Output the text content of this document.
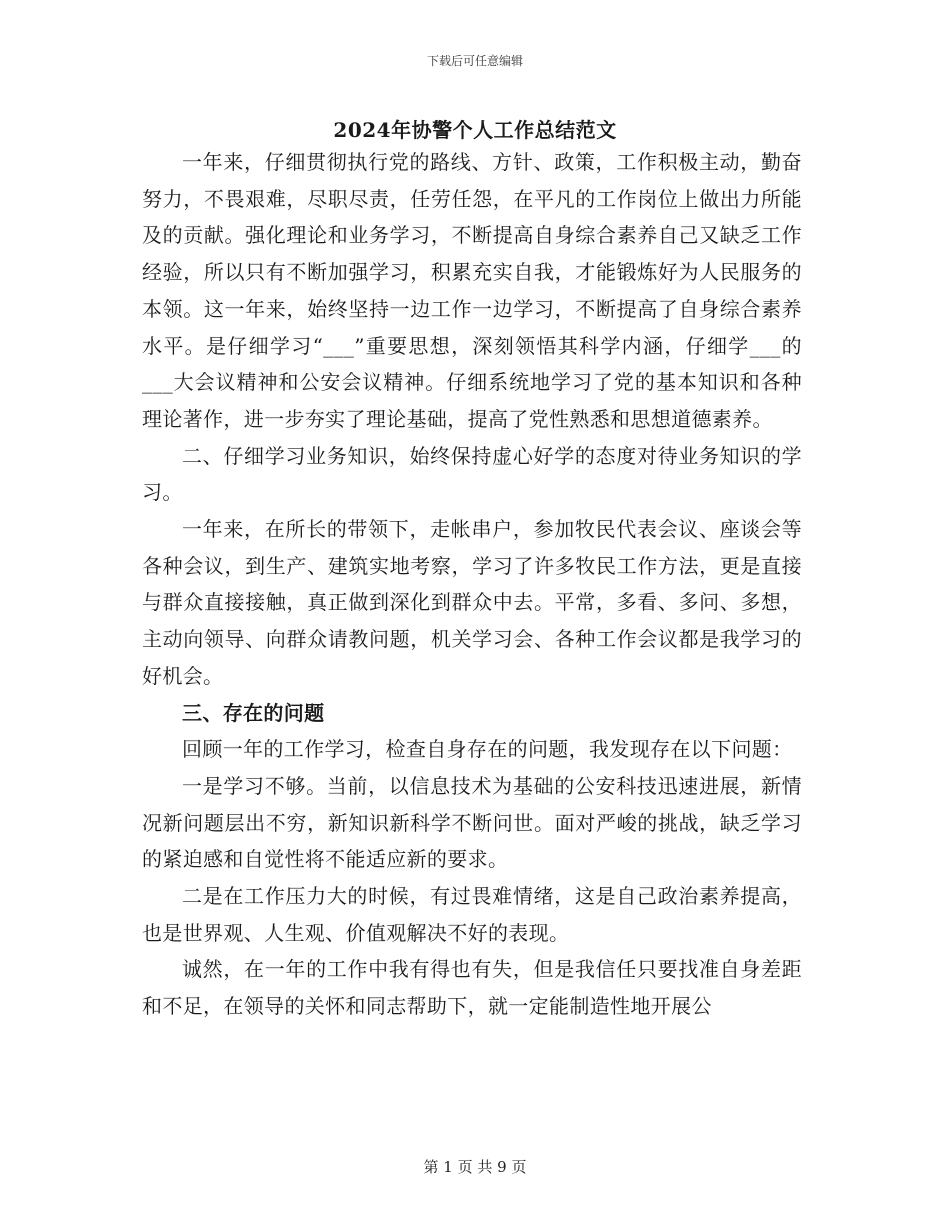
下载后可任意编辑
2024年协警个人工作总结范文

一年来，仔细贯彻执行党的路线、方针、政策，工作积极主动，勤奋努力，不畏艰难，尽职尽责，任劳任怨，在平凡的工作岗位上做出力所能及的贡献。强化理论和业务学习，不断提高自身综合素养自己又缺乏工作经验，所以只有不断加强学习，积累充实自我，才能锻炼好为人民服务的本领。这一年来，始终坚持一边工作一边学习，不断提高了自身综合素养水平。是仔细学习“___”重要思想，深刻领悟其科学内涵，仔细学___的___大会议精神和公安会议精神。仔细系统地学习了党的基本知识和各种理论著作，进一步夯实了理论基础，提高了党性熟悉和思想道德素养。

二、仔细学习业务知识，始终保持虚心好学的态度对待业务知识的学习。

一年来，在所长的带领下，走帐串户，参加牧民代表会议、座谈会等各种会议，到生产、建筑实地考察，学习了许多牧民工作方法，更是直接与群众直接接触，真正做到深化到群众中去。平常，多看、多问、多想，主动向领导、向群众请教问题，机关学习会、各种工作会议都是我学习的好机会。

三、存在的问题

回顾一年的工作学习，检查自身存在的问题，我发现存在以下问题：

一是学习不够。当前，以信息技术为基础的公安科技迅速进展，新情况新问题层出不穷，新知识新科学不断问世。面对严峻的挑战，缺乏学习的紧迫感和自觉性将不能适应新的要求。

二是在工作压力大的时候，有过畏难情绪，这是自己政治素养提高，也是世界观、人生观、价值观解决不好的表现。

诚然，在一年的工作中我有得也有失，但是我信任只要找准自身差距和不足，在领导的关怀和同志帮助下，就一定能制造性地开展公

第 1 页 共 9 页
